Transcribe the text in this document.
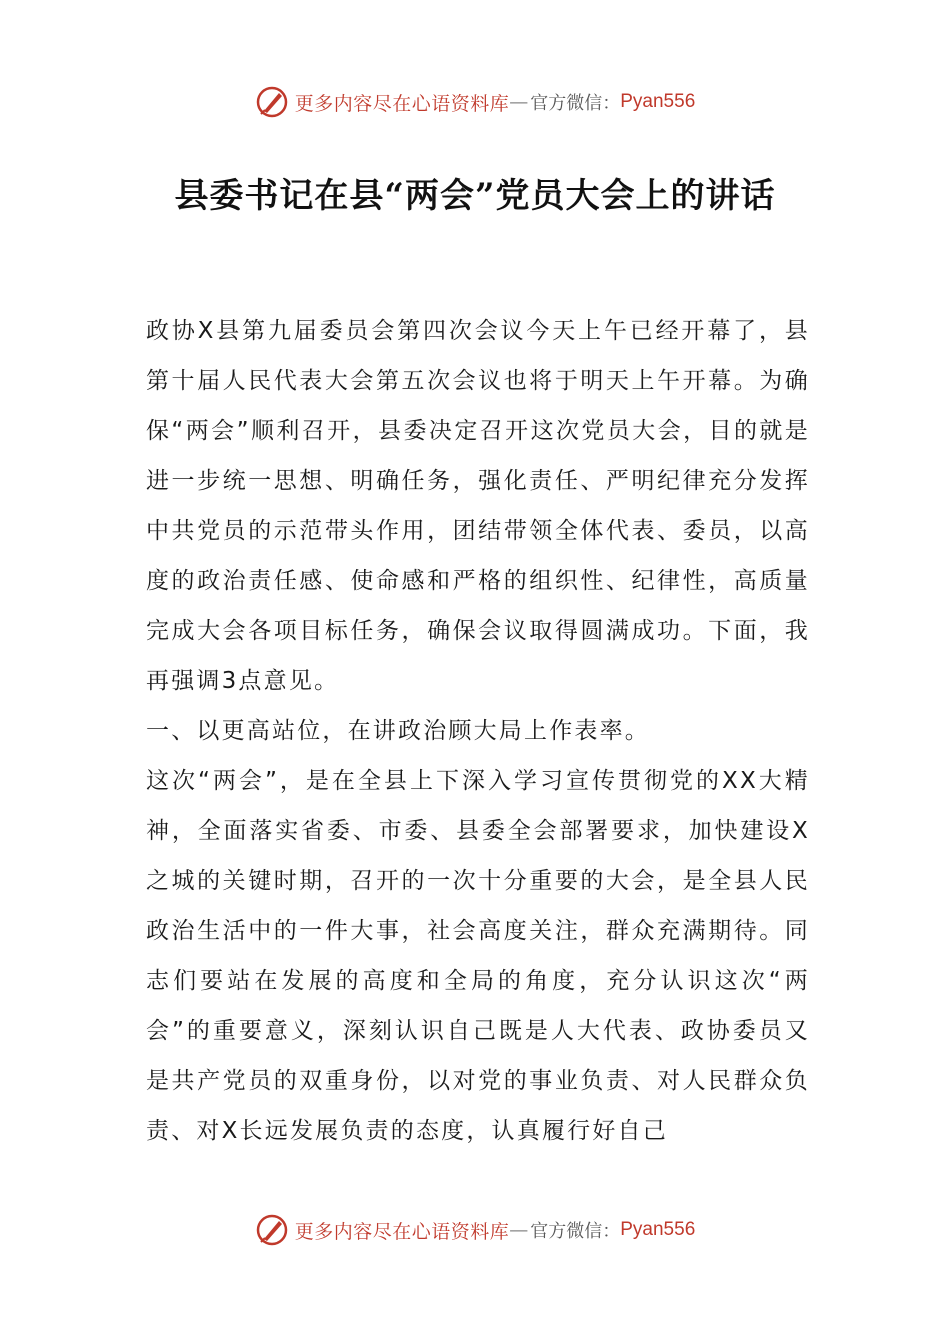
更多内容尽在心语资料库 — 官方微信： Pyan556
县委书记在县“两会”党员大会上的讲话

政协X县第九届委员会第四次会议今天上午已经开幕了，县第十届人民代表大会第五次会议也将于明天上午开幕。为确保“两会”顺利召开，县委决定召开这次党员大会，目的就是进一步统一思想、明确任务，强化责任、严明纪律充分发挥中共党员的示范带头作用，团结带领全体代表、委员，以高度的政治责任感、使命感和严格的组织性、纪律性，高质量完成大会各项目标任务，确保会议取得圆满成功。下面，我再强调3点意见。

一、以更高站位，在讲政治顾大局上作表率。

这次“两会”，是在全县上下深入学习宣传贯彻党的XX大精神，全面落实省委、市委、县委全会部署要求，加快建设X之城的关键时期，召开的一次十分重要的大会，是全县人民政治生活中的一件大事，社会高度关注，群众充满期待。同志们要站在发展的高度和全局的角度，充分认识这次“两会”的重要意义，深刻认识自己既是人大代表、政协委员又是共产党员的双重身份，以对党的事业负责、对人民群众负责、对X长远发展负责的态度，认真履行好自己

更多内容尽在心语资料库 — 官方微信： Pyan556
